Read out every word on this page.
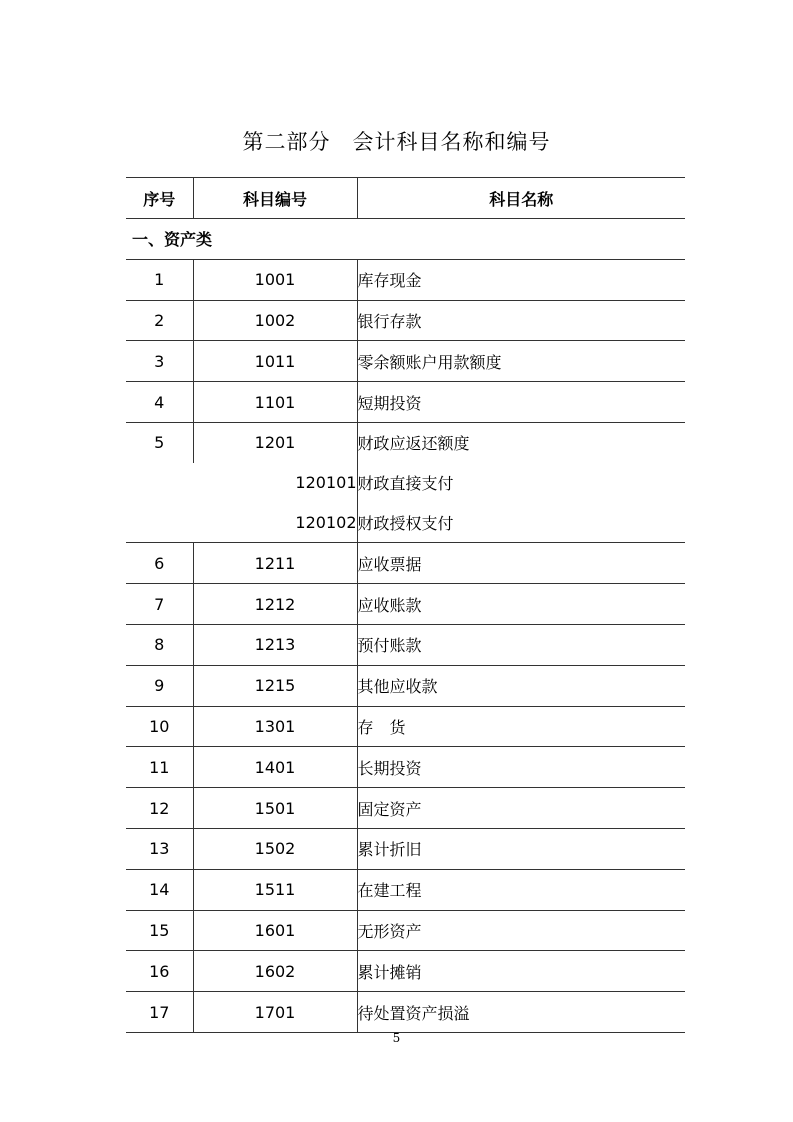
第二部分　会计科目名称和编号
序号	科目编号	科目名称
一、资产类		
1	1001	库存现金
2	1002	银行存款
3	1011	零余额账户用款额度
4	1101	短期投资
5	1201	财政应返还额度
	120101	财政直接支付
	120102	财政授权支付
6	1211	应收票据
7	1212	应收账款
8	1213	预付账款
9	1215	其他应收款
10	1301	存　货
11	1401	长期投资
12	1501	固定资产
13	1502	累计折旧
14	1511	在建工程
15	1601	无形资产
16	1602	累计摊销
17	1701	待处置资产损溢
5
